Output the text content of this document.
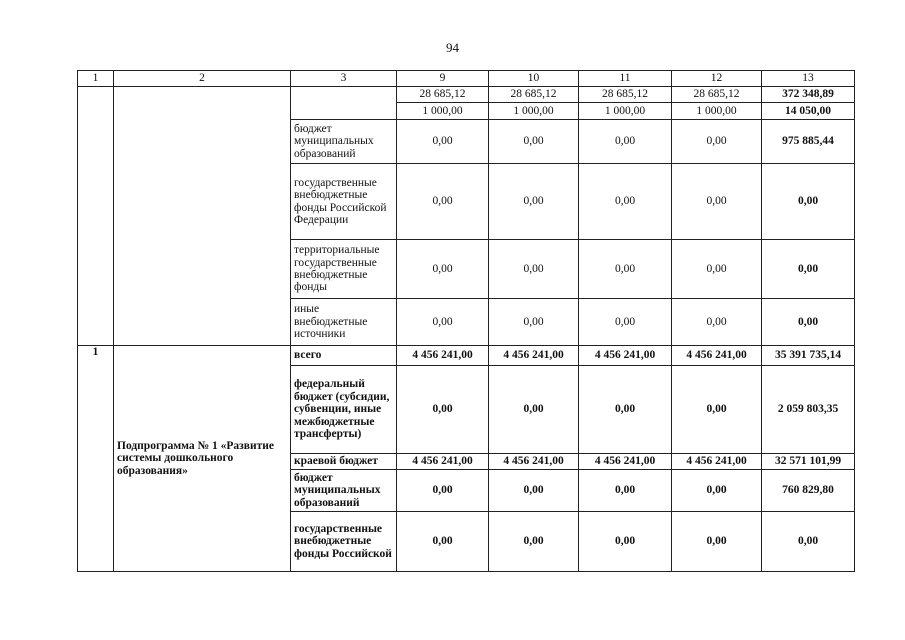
94
1	2	3	9	10	11	12	13
			28 685,12	28 685,12	28 685,12	28 685,12	372 348,89
			1 000,00	1 000,00	1 000,00	1 000,00	14 050,00
		бюджет муниципальных образований	0,00	0,00	0,00	0,00	975 885,44
		государственные внебюджетные фонды Российской Федерации	0,00	0,00	0,00	0,00	0,00
		территориальные государственные внебюджетные фонды	0,00	0,00	0,00	0,00	0,00
		иные внебюджетные источники	0,00	0,00	0,00	0,00	0,00
1	Подпрограмма № 1 «Развитие системы дошкольного образования»	всего	4 456 241,00	4 456 241,00	4 456 241,00	4 456 241,00	35 391 735,14
		федеральный бюджет (субсидии, субвенции, иные межбюджетные трансферты)	0,00	0,00	0,00	0,00	2 059 803,35
		краевой бюджет	4 456 241,00	4 456 241,00	4 456 241,00	4 456 241,00	32 571 101,99
		бюджет муниципальных образований	0,00	0,00	0,00	0,00	760 829,80
		государственные внебюджетные фонды Российской	0,00	0,00	0,00	0,00	0,00
